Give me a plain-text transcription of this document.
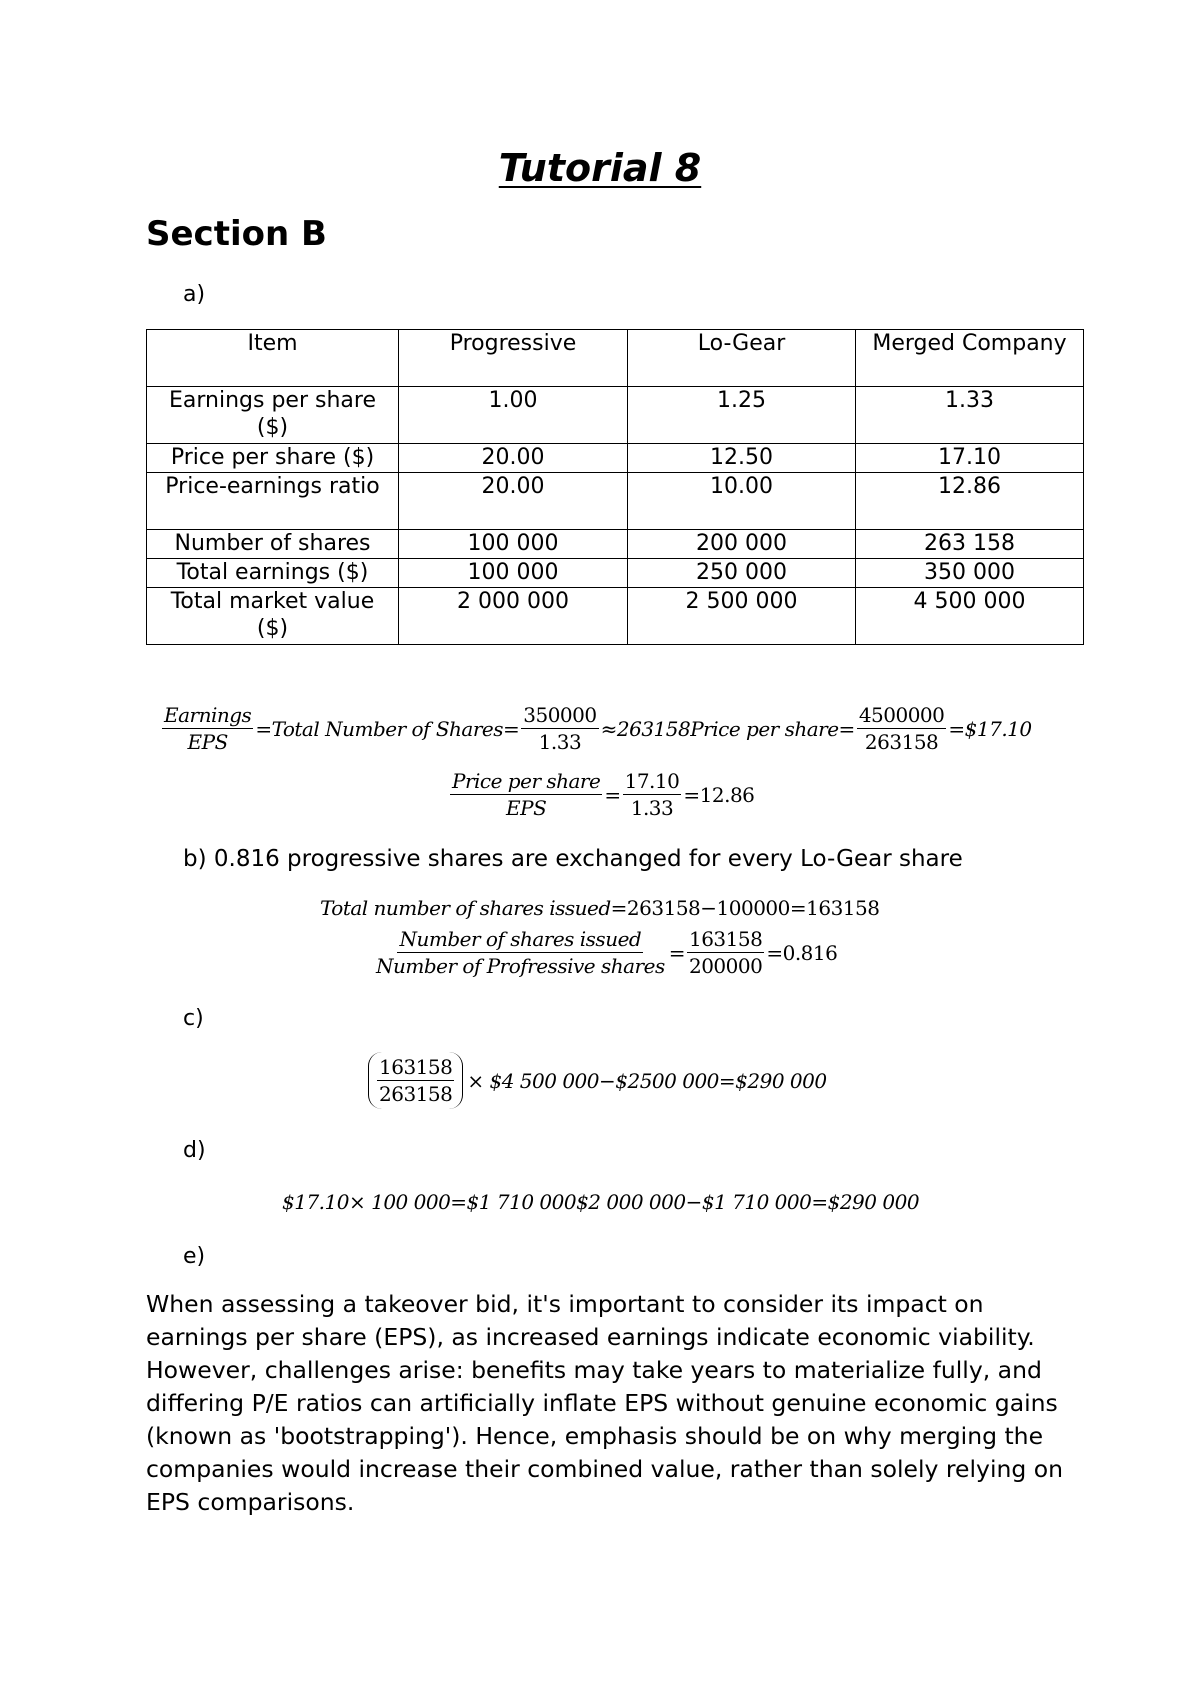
Tutorial 8
Section B
a)
Item	Progressive	Lo-Gear	Merged Company
Earnings per share ($)	1.00	1.25	1.33
Price per share ($)	20.00	12.50	17.10
Price-earnings ratio	20.00	10.00	12.86
Number of shares	100 000	200 000	263 158
Total earnings ($)	100 000	250 000	350 000
Total market value ($)	2 000 000	2 500 000	4 500 000
$\frac{\text{Earnings}}{\text{EPS}}$ =Total Number of Shares= $\frac{350000}{1.33}$ ≈263158Price per share= $\frac{4500000}{263158}$ =$17.10
$\frac{\text{Price per share}}{\text{EPS}} = \frac{17.10}{1.33} =12.86$
b) 0.816 progressive shares are exchanged for every Lo-Gear share
Total number of shares issued =263158−100000=163158
$\frac{\text{Number of shares issued}}{\text{Number of Profressive shares}} = \frac{163158}{200000} =0.816$
c)
$\frac{163158}{263158}$ × $4 500 000−$2500 000=$290 000
d)
$17.10× 100 000=$1 710 000$2 000 000−$1 710 000=$290 000
e)

When assessing a takeover bid, it's important to consider its impact on earnings per share (EPS), as increased earnings indicate economic viability. However, challenges arise: benefits may take years to materialize fully, and differing P/E ratios can artificially inflate EPS without genuine economic gains (known as 'bootstrapping'). Hence, emphasis should be on why merging the companies would increase their combined value, rather than solely relying on EPS comparisons.
